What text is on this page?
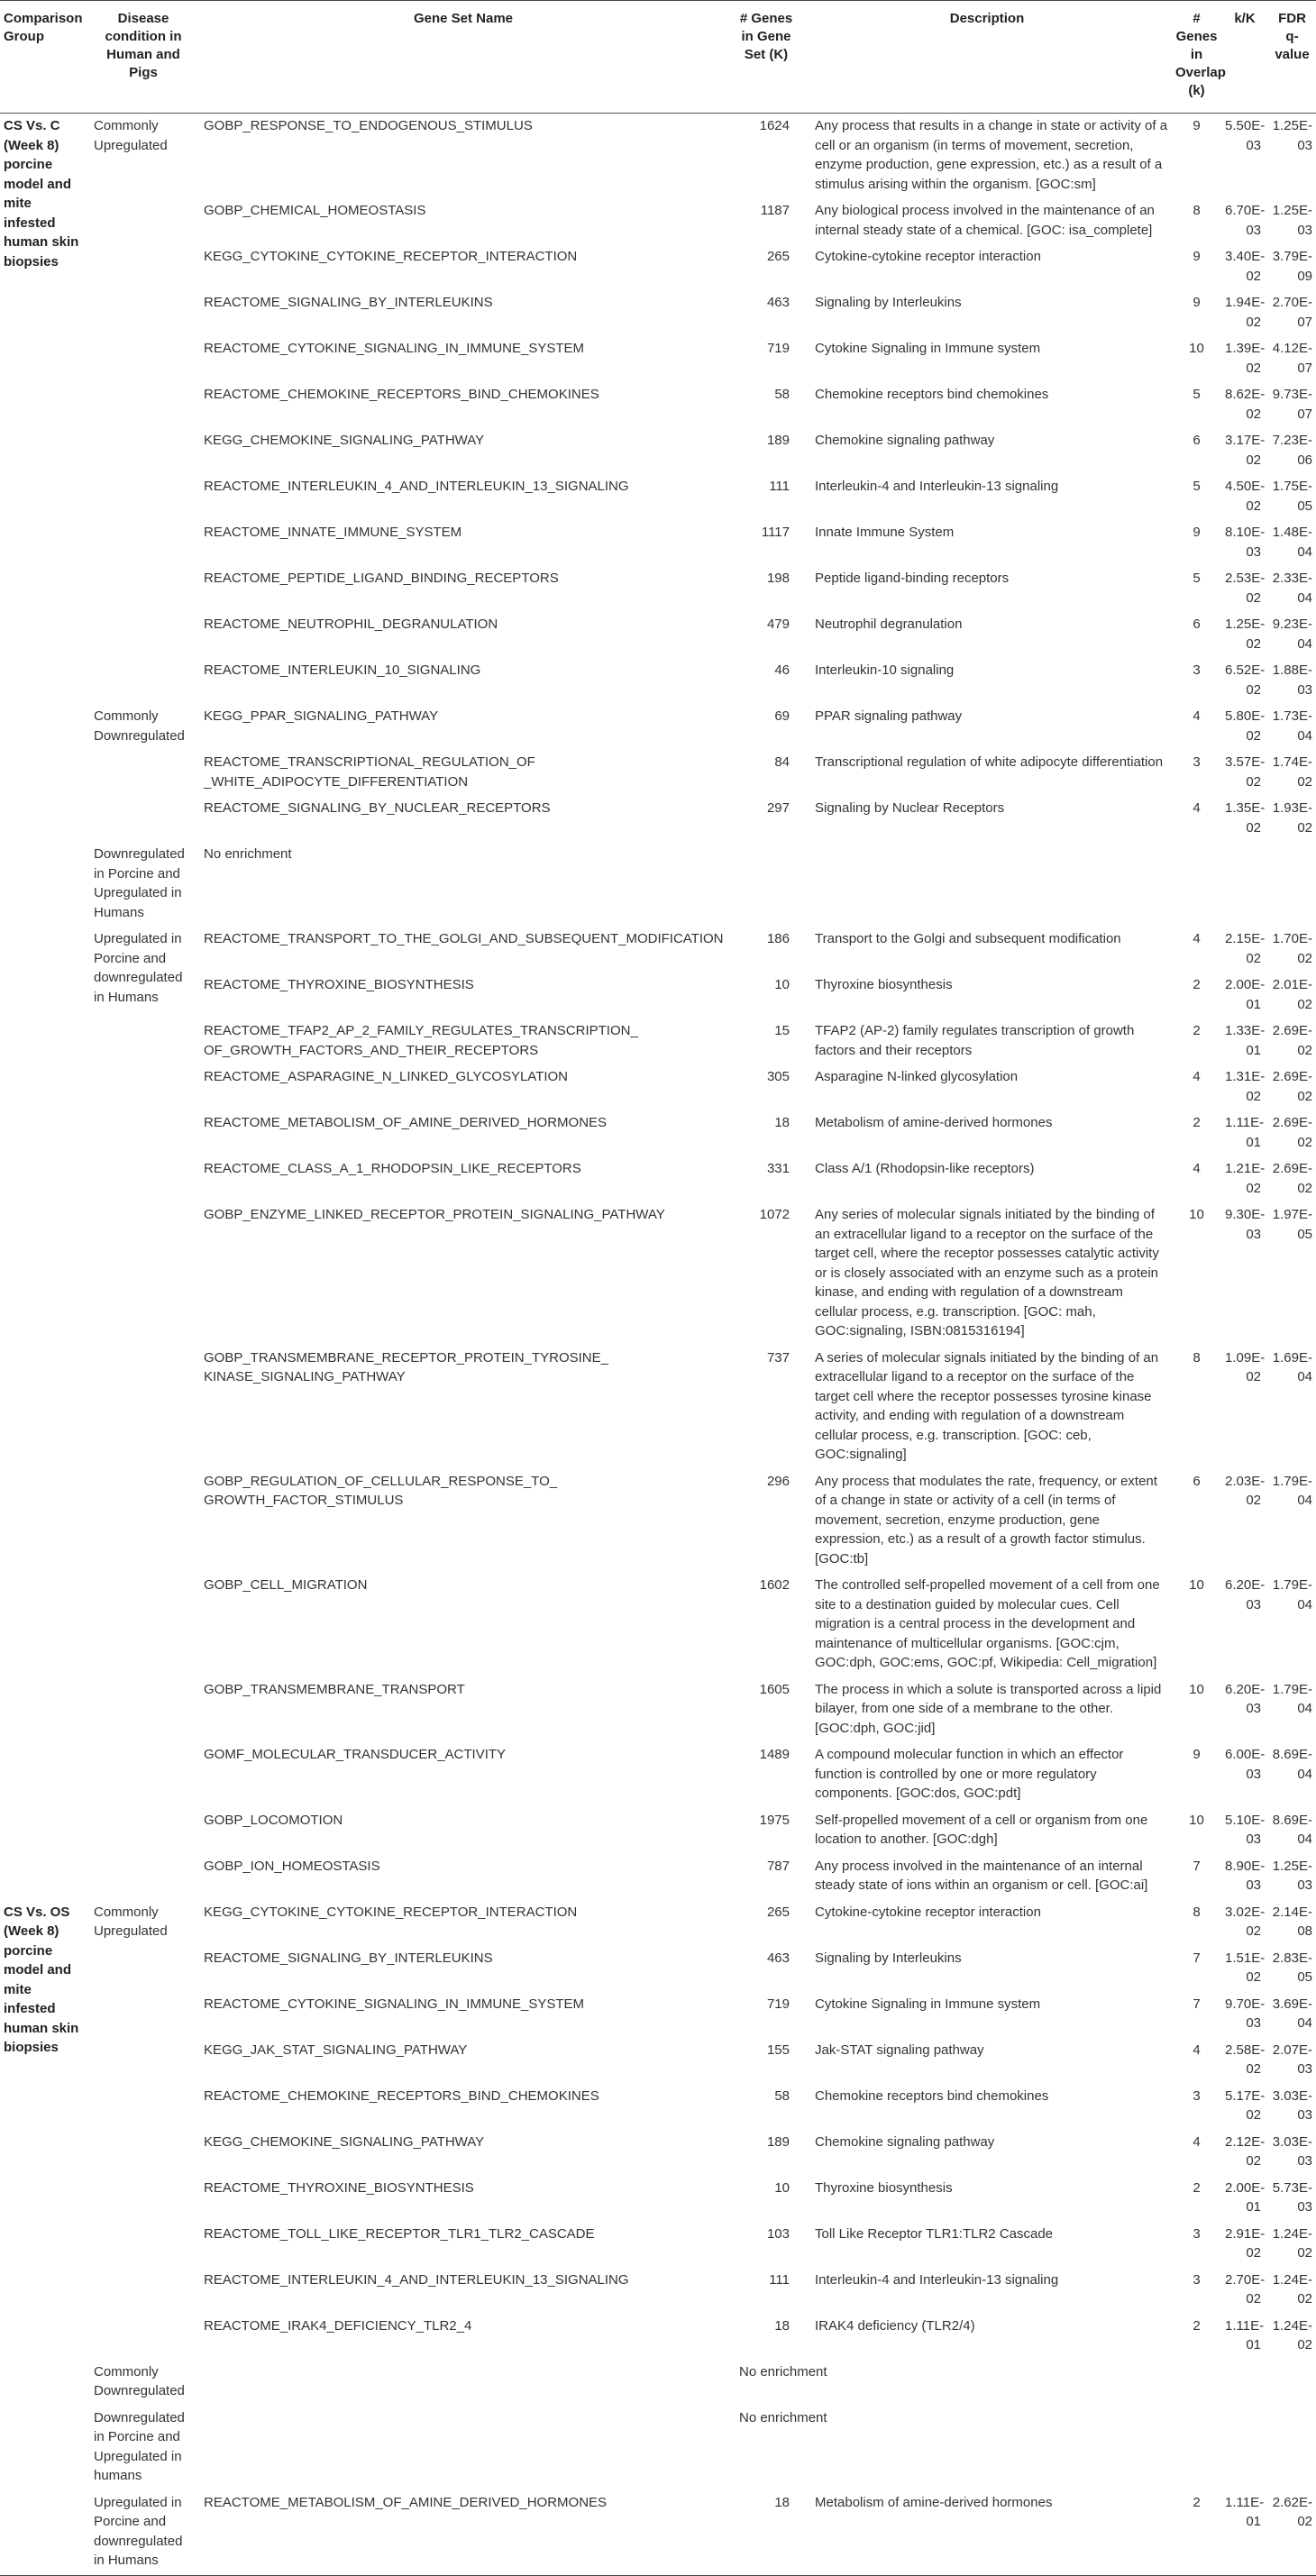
Comparison Group	Disease condition in Human and Pigs	Gene Set Name	# Genes in Gene Set (K)	Description	# Genes in Overlap (k)	k/K	FDR q-value
CS Vs. C (Week 8) porcine model and mite infested human skin biopsies	Commonly Upregulated	GOBP_RESPONSE_TO_ENDOGENOUS_STIMULUS	1624	Any process that results in a change in state or activity of a cell or an organism (in terms of movement, secretion, enzyme production, gene expression, etc.) as a result of a stimulus arising within the organism. [GOC:sm]	9	5.50E-03	1.25E-03
		GOBP_CHEMICAL_HOMEOSTASIS	1187	Any biological process involved in the maintenance of an internal steady state of a chemical. [GOC: isa_complete]	8	6.70E-03	1.25E-03
		KEGG_CYTOKINE_CYTOKINE_RECEPTOR_INTERACTION	265	Cytokine-cytokine receptor interaction	9	3.40E-02	3.79E-09
		REACTOME_SIGNALING_BY_INTERLEUKINS	463	Signaling by Interleukins	9	1.94E-02	2.70E-07
		REACTOME_CYTOKINE_SIGNALING_IN_IMMUNE_SYSTEM	719	Cytokine Signaling in Immune system	10	1.39E-02	4.12E-07
		REACTOME_CHEMOKINE_RECEPTORS_BIND_CHEMOKINES	58	Chemokine receptors bind chemokines	5	8.62E-02	9.73E-07
		KEGG_CHEMOKINE_SIGNALING_PATHWAY	189	Chemokine signaling pathway	6	3.17E-02	7.23E-06
		REACTOME_INTERLEUKIN_4_AND_INTERLEUKIN_13_SIGNALING	111	Interleukin-4 and Interleukin-13 signaling	5	4.50E-02	1.75E-05
		REACTOME_INNATE_IMMUNE_SYSTEM	1117	Innate Immune System	9	8.10E-03	1.48E-04
		REACTOME_PEPTIDE_LIGAND_BINDING_RECEPTORS	198	Peptide ligand-binding receptors	5	2.53E-02	2.33E-04
		REACTOME_NEUTROPHIL_DEGRANULATION	479	Neutrophil degranulation	6	1.25E-02	9.23E-04
		REACTOME_INTERLEUKIN_10_SIGNALING	46	Interleukin-10 signaling	3	6.52E-02	1.88E-03
	Commonly Downregulated	KEGG_PPAR_SIGNALING_PATHWAY	69	PPAR signaling pathway	4	5.80E-02	1.73E-04
		REACTOME_TRANSCRIPTIONAL_REGULATION_OF _WHITE_ADIPOCYTE_DIFFERENTIATION	84	Transcriptional regulation of white adipocyte differentiation	3	3.57E-02	1.74E-02
		REACTOME_SIGNALING_BY_NUCLEAR_RECEPTORS	297	Signaling by Nuclear Receptors	4	1.35E-02	1.93E-02
	Downregulated in Porcine and Upregulated in Humans	No enrichment					
	Upregulated in Porcine and downregulated in Humans	REACTOME_TRANSPORT_TO_THE_GOLGI_AND_SUBSEQUENT_MODIFICATION	186	Transport to the Golgi and subsequent modification	4	2.15E-02	1.70E-02
		REACTOME_THYROXINE_BIOSYNTHESIS	10	Thyroxine biosynthesis	2	2.00E-01	2.01E-02
		REACTOME_TFAP2_AP_2_FAMILY_REGULATES_TRANSCRIPTION_ OF_GROWTH_FACTORS_AND_THEIR_RECEPTORS	15	TFAP2 (AP-2) family regulates transcription of growth factors and their receptors	2	1.33E-01	2.69E-02
		REACTOME_ASPARAGINE_N_LINKED_GLYCOSYLATION	305	Asparagine N-linked glycosylation	4	1.31E-02	2.69E-02
		REACTOME_METABOLISM_OF_AMINE_DERIVED_HORMONES	18	Metabolism of amine-derived hormones	2	1.11E-01	2.69E-02
		REACTOME_CLASS_A_1_RHODOPSIN_LIKE_RECEPTORS	331	Class A/1 (Rhodopsin-like receptors)	4	1.21E-02	2.69E-02
		GOBP_ENZYME_LINKED_RECEPTOR_PROTEIN_SIGNALING_PATHWAY	1072	Any series of molecular signals initiated by the binding of an extracellular ligand to a receptor on the surface of the target cell, where the receptor possesses catalytic activity or is closely associated with an enzyme such as a protein kinase, and ending with regulation of a downstream cellular process, e.g. transcription. [GOC: mah, GOC:signaling, ISBN:0815316194]	10	9.30E-03	1.97E-05
		GOBP_TRANSMEMBRANE_RECEPTOR_PROTEIN_TYROSINE_ KINASE_SIGNALING_PATHWAY	737	A series of molecular signals initiated by the binding of an extracellular ligand to a receptor on the surface of the target cell where the receptor possesses tyrosine kinase activity, and ending with regulation of a downstream cellular process, e.g. transcription. [GOC: ceb, GOC:signaling]	8	1.09E-02	1.69E-04
		GOBP_REGULATION_OF_CELLULAR_RESPONSE_TO_ GROWTH_FACTOR_STIMULUS	296	Any process that modulates the rate, frequency, or extent of a change in state or activity of a cell (in terms of movement, secretion, enzyme production, gene expression, etc.) as a result of a growth factor stimulus. [GOC:tb]	6	2.03E-02	1.79E-04
		GOBP_CELL_MIGRATION	1602	The controlled self-propelled movement of a cell from one site to a destination guided by molecular cues. Cell migration is a central process in the development and maintenance of multicellular organisms. [GOC:cjm, GOC:dph, GOC:ems, GOC:pf, Wikipedia: Cell_migration]	10	6.20E-03	1.79E-04
		GOBP_TRANSMEMBRANE_TRANSPORT	1605	The process in which a solute is transported across a lipid bilayer, from one side of a membrane to the other. [GOC:dph, GOC:jid]	10	6.20E-03	1.79E-04
		GOMF_MOLECULAR_TRANSDUCER_ACTIVITY	1489	A compound molecular function in which an effector function is controlled by one or more regulatory components. [GOC:dos, GOC:pdt]	9	6.00E-03	8.69E-04
		GOBP_LOCOMOTION	1975	Self-propelled movement of a cell or organism from one location to another. [GOC:dgh]	10	5.10E-03	8.69E-04
		GOBP_ION_HOMEOSTASIS	787	Any process involved in the maintenance of an internal steady state of ions within an organism or cell. [GOC:ai]	7	8.90E-03	1.25E-03
CS Vs. OS (Week 8) porcine model and mite infested human skin biopsies	Commonly Upregulated	KEGG_CYTOKINE_CYTOKINE_RECEPTOR_INTERACTION	265	Cytokine-cytokine receptor interaction	8	3.02E-02	2.14E-08
		REACTOME_SIGNALING_BY_INTERLEUKINS	463	Signaling by Interleukins	7	1.51E-02	2.83E-05
		REACTOME_CYTOKINE_SIGNALING_IN_IMMUNE_SYSTEM	719	Cytokine Signaling in Immune system	7	9.70E-03	3.69E-04
		KEGG_JAK_STAT_SIGNALING_PATHWAY	155	Jak-STAT signaling pathway	4	2.58E-02	2.07E-03
		REACTOME_CHEMOKINE_RECEPTORS_BIND_CHEMOKINES	58	Chemokine receptors bind chemokines	3	5.17E-02	3.03E-03
		KEGG_CHEMOKINE_SIGNALING_PATHWAY	189	Chemokine signaling pathway	4	2.12E-02	3.03E-03
		REACTOME_THYROXINE_BIOSYNTHESIS	10	Thyroxine biosynthesis	2	2.00E-01	5.73E-03
		REACTOME_TOLL_LIKE_RECEPTOR_TLR1_TLR2_CASCADE	103	Toll Like Receptor TLR1:TLR2 Cascade	3	2.91E-02	1.24E-02
		REACTOME_INTERLEUKIN_4_AND_INTERLEUKIN_13_SIGNALING	111	Interleukin-4 and Interleukin-13 signaling	3	2.70E-02	1.24E-02
		REACTOME_IRAK4_DEFICIENCY_TLR2_4	18	IRAK4 deficiency (TLR2/4)	2	1.11E-01	1.24E-02
	Commonly Downregulated		No enrichment				
	Downregulated in Porcine and Upregulated in humans		No enrichment				
	Upregulated in Porcine and downregulated in Humans	REACTOME_METABOLISM_OF_AMINE_DERIVED_HORMONES	18	Metabolism of amine-derived hormones	2	1.11E-01	2.62E-02
